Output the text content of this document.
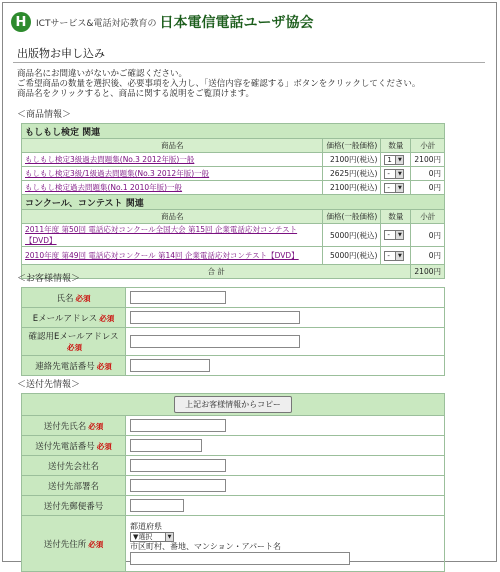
H	ICTサービス&電話対応教育の 日本電信電話ユーザ協会
出版物お申し込み
商品名にお間違いがないかご確認ください。
ご希望商品の数量を選択後、必要事項を入力し、「送信内容を確認する」ボタンをクリックしてください。
商品名をクリックすると、商品に関する説明をご覧頂けます。
＜商品情報＞
もしもし検定 関連			
商品名	価格(一般価格)	数量	小計
もしもし検定3級過去問題集(No.3 2012年版)一般	2100円(税込)	1 ▼	2100円
もしもし検定3級/1級過去問題集(No.3 2012年版)一般	2625円(税込)	- ▼	0円
もしもし検定過去問題集(No.1 2010年版)一般	2100円(税込)	- ▼	0円
コンクール、コンテスト 関連			
商品名	価格(一般価格)	数量	小計
2011年度 第50回 電話応対コンクール全国大会 第15回 企業電話応対コンテスト【DVD】	5000円(税込)	- ▼	0円
2010年度 第49回 電話応対コンクール 第14回 企業電話応対コンテスト【DVD】	5000円(税込)	- ▼	0円
合 計			2100円
＜お客様情報＞
氏名 必須	
Eメールアドレス 必須	

確認用Eメールアドレス
必須	
連絡先電話番号 必須	
＜送付先情報＞
上記お客様情報からコピー	
送付先氏名 必須	
送付先電話番号 必須	
送付先会社名	
送付先部署名	
送付先郵便番号	
送付先住所 必須	都道府県
▼選択 ▼
市区町村、番地、マンション・アパート名
